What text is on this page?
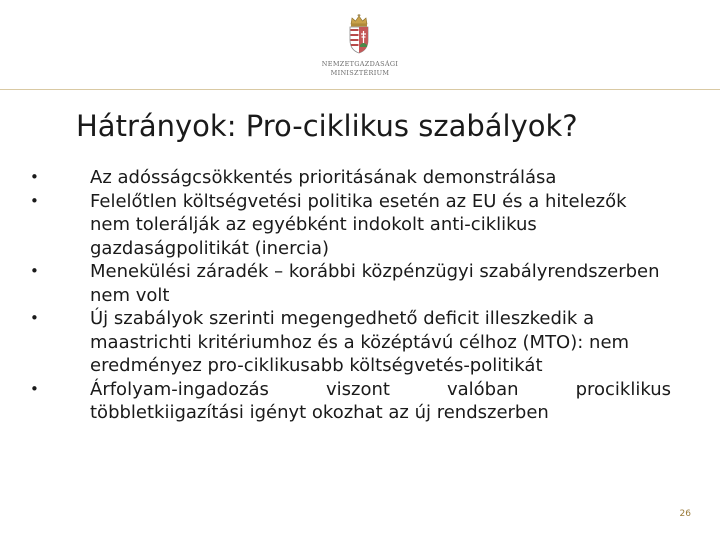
NEMZETGAZDASÁGI
MINISZTÉRIUM
Hátrányok: Pro-ciklikus szabályok?
•	Az adósságcsökkentés prioritásának demonstrálása
•	Felelőtlen költségvetési politika esetén az EU és a hitelezők nem tolerálják az egyébként indokolt anti-ciklikus gazdaságpolitikát (inercia)
•	Menekülési záradék – korábbi közpénzügyi szabályrendszerben nem volt
•	Új szabályok szerinti megengedhető deficit illeszkedik a maastrichti kritériumhoz és a középtávú célhoz (MTO): nem eredményez pro-ciklikusabb költségvetés-politikát
•	Árfolyam-ingadozás viszont valóban prociklikus többletkiigazítási igényt okozhat az új rendszerben
26
